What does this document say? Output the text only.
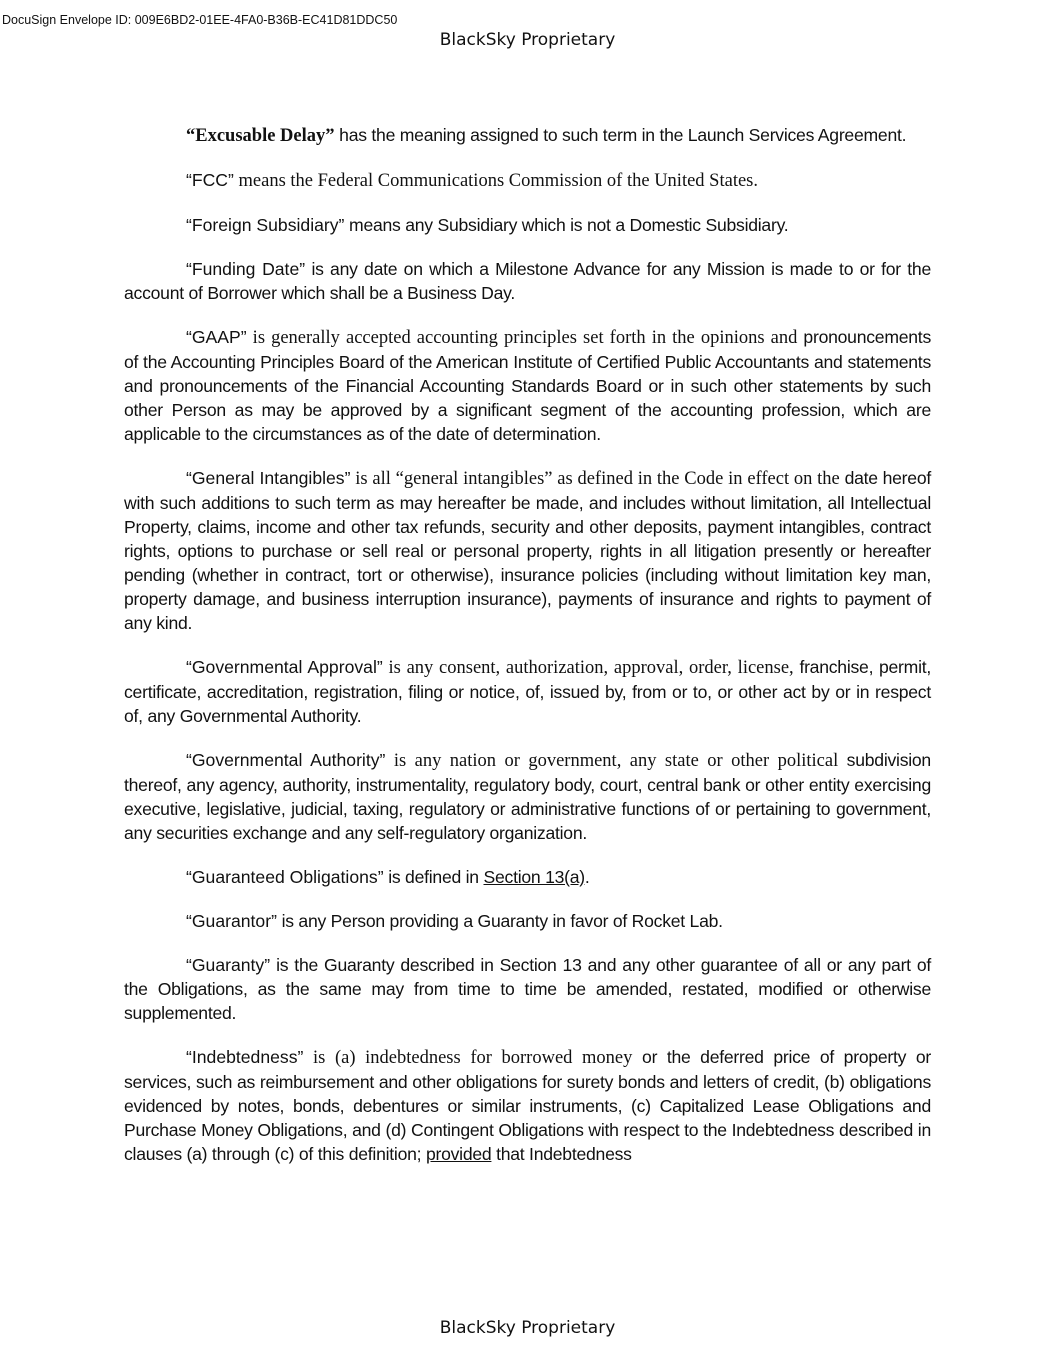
DocuSign Envelope ID: 009E6BD2-01EE-4FA0-B36B-EC41D81DDC50
BlackSky Proprietary

“Excusable Delay” has the meaning assigned to such term in the Launch Services Agreement.

“FCC” means the Federal Communications Commission of the United States.

“Foreign Subsidiary” means any Subsidiary which is not a Domestic Subsidiary.

“Funding Date” is any date on which a Milestone Advance for any Mission is made to or for the account of Borrower which shall be a Business Day.

“GAAP” is generally accepted accounting principles set forth in the opinions and pronouncements of the Accounting Principles Board of the American Institute of Certified Public Accountants and statements and pronouncements of the Financial Accounting Standards Board or in such other statements by such other Person as may be approved by a significant segment of the accounting profession, which are applicable to the circumstances as of the date of determination.

“General Intangibles” is all “general intangibles” as defined in the Code in effect on the date hereof with such additions to such term as may hereafter be made, and includes without limitation, all Intellectual Property, claims, income and other tax refunds, security and other deposits, payment intangibles, contract rights, options to purchase or sell real or personal property, rights in all litigation presently or hereafter pending (whether in contract, tort or otherwise), insurance policies (including without limitation key man, property damage, and business interruption insurance), payments of insurance and rights to payment of any kind.

“Governmental Approval” is any consent, authorization, approval, order, license, franchise, permit, certificate, accreditation, registration, filing or notice, of, issued by, from or to, or other act by or in respect of, any Governmental Authority.

“Governmental Authority” is any nation or government, any state or other political subdivision thereof, any agency, authority, instrumentality, regulatory body, court, central bank or other entity exercising executive, legislative, judicial, taxing, regulatory or administrative functions of or pertaining to government, any securities exchange and any self-regulatory organization.

“Guaranteed Obligations” is defined in Section 13(a).

“Guarantor” is any Person providing a Guaranty in favor of Rocket Lab.

“Guaranty” is the Guaranty described in Section 13 and any other guarantee of all or any part of the Obligations, as the same may from time to time be amended, restated, modified or otherwise supplemented.

“Indebtedness” is (a) indebtedness for borrowed money or the deferred price of property or services, such as reimbursement and other obligations for surety bonds and letters of credit, (b) obligations evidenced by notes, bonds, debentures or similar instruments, (c) Capitalized Lease Obligations and Purchase Money Obligations, and (d) Contingent Obligations with respect to the Indebtedness described in clauses (a) through (c) of this definition; provided that Indebtedness

BlackSky Proprietary
